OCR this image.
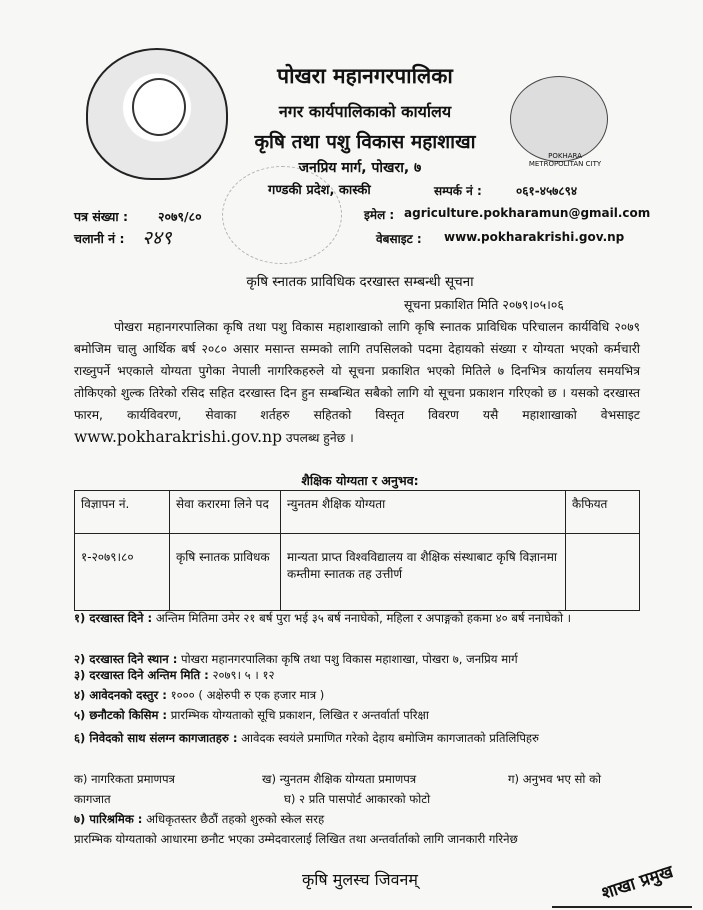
POKHARA METROPOLITAN CITY
पोखरा महानगरपालिका
नगर कार्यपालिकाको कार्यालय
कृषि तथा पशु विकास महाशाखा
जनप्रिय मार्ग, पोखरा, ७
गण्डकी प्रदेश, कास्की	सम्पर्क नं :	०६१-४५७८९४
पत्र संख्या : २०७९/८०
चलानी नं : २४९
इमेल : agriculture.pokharamun@gmail.com
वेबसाइट : www.pokharakrishi.gov.np
कृषि स्नातक प्राविधिक दरखास्त सम्बन्धी सूचना
सूचना प्रकाशित मिति २०७९।०५।०६
पोखरा महानगरपालिका कृषि तथा पशु विकास महाशाखाको लागि कृषि स्नातक प्राविधिक परिचालन कार्यविधि २०७९ बमोजिम चालु आर्थिक बर्ष २०८० असार मसान्त सम्मको लागि तपसिलको पदमा देहायको संख्या र योग्यता भएको कर्मचारी राख्नुपर्ने भएकाले योग्यता पुगेका नेपाली नागरिकहरुले यो सूचना प्रकाशित भएको मितिले ७ दिनभित्र कार्यालय समयभित्र तोकिएको शुल्क तिरेको रसिद सहित दरखास्त दिन हुन सम्बन्धित सबैको लागि यो सूचना प्रकाशन गरिएको छ । यसको दरखास्त फारम, कार्यविवरण, सेवाका शर्तहरु सहितको विस्तृत विवरण यसै महाशाखाको वेभसाइट www.pokharakrishi.gov.np उपलब्ध हुनेछ ।
शैक्षिक योग्यता र अनुभव:
विज्ञापन नं.	सेवा करारमा लिने पद	न्युनतम शैक्षिक योग्यता	कैफियत
१-२०७९।८०	कृषि स्नातक प्राविधक	मान्यता प्राप्त विश्वविद्यालय वा शैक्षिक संस्थाबाट कृषि विज्ञानमा कम्तीमा स्नातक तह उत्तीर्ण	
१) दरखास्त दिने : अन्तिम मितिमा उमेर २१ बर्ष पुरा भई ३५ बर्ष ननाघेको, महिला र अपाङ्गको हकमा ४० बर्ष ननाघेको ।
२) दरखास्त दिने स्थान : पोखरा महानगरपालिका कृषि तथा पशु विकास महाशाखा, पोखरा ७, जनप्रिय मार्ग
३) दरखास्त दिने अन्तिम मिति : २०७९। ५ । १२
४) आवेदनको दस्तुर : १००० ( अक्षेरुपी रु एक हजार मात्र )
५) छनौटको किसिम : प्रारम्भिक योग्यताको सूचि प्रकाशन, लिखित र अन्तर्वार्ता परिक्षा
६) निवेदको साथ संलग्न कागजातहरु : आवेदक स्वयंले प्रमाणित गरेको देहाय बमोजिम कागजातको प्रतिलिपिहरु
क) नागरिकता प्रमाणपत्र	ख) न्युनतम शैक्षिक योग्यता प्रमाणपत्र	ग) अनुभव भए सो को
कागजात	घ) २ प्रति पासपोर्ट आकारको फोटो
७) पारिश्रमिक : अधिकृतस्तर छैठौं तहको शुरुको स्केल सरह
प्रारम्भिक योग्यताको आधारमा छनौट भएका उम्मेदवारलाई लिखित तथा अन्तर्वार्ताको लागि जानकारी गरिनेछ
कृषि मुलस्च जिवनम्	शाखा प्रमुख
